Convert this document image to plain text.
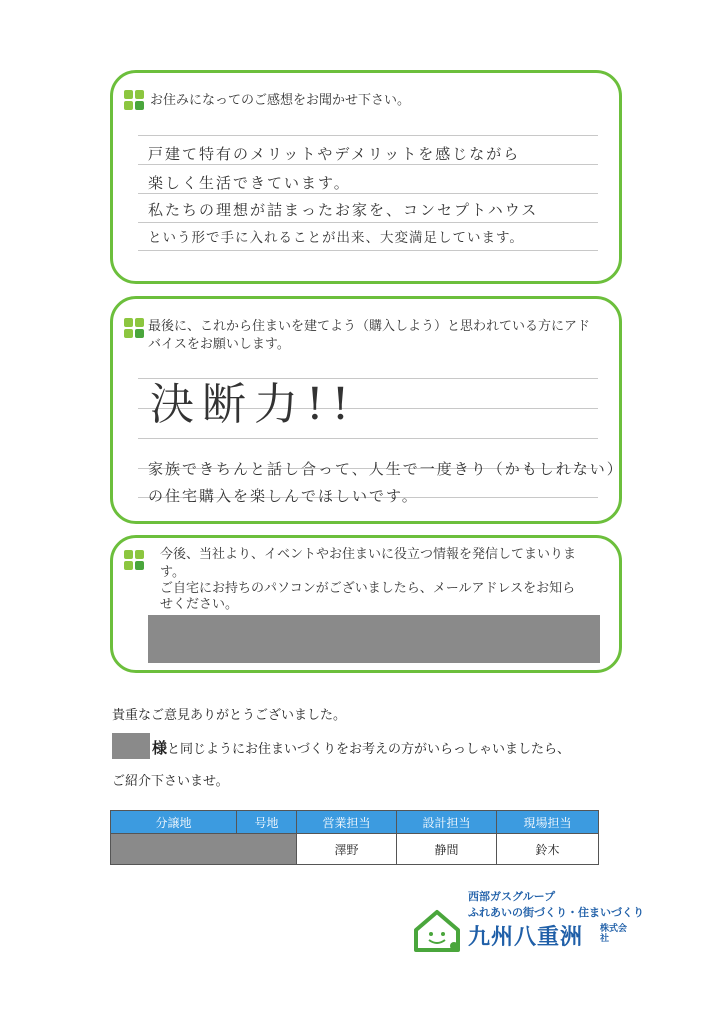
お住みになってのご感想をお聞かせ下さい。
戸建て特有のメリットやデメリットを感じながら
楽しく生活できています。
私たちの理想が詰まったお家を、コンセプトハウス
という形で手に入れることが出来、大変満足しています。
最後に、これから住まいを建てよう（購入しよう）と思われている方にアド
バイスをお願いします。
決断力!!
家族できちんと話し合って、人生で一度きり（かもしれない）
の住宅購入を楽しんでほしいです。
今後、当社より、イベントやお住まいに役立つ情報を発信してまいりま
す。
ご自宅にお持ちのパソコンがございましたら、メールアドレスをお知ら
せください。
貴重なご意見ありがとうございました。
様と同じようにお住まいづくりをお考えの方がいらっしゃいましたら、
ご紹介下さいませ。
分譲地	号地	営業担当	設計担当	現場担当
		澤野	静間	鈴木
西部ガスグループ
ふれあいの街づくり・住まいづくり
九州八重洲 株式会社
